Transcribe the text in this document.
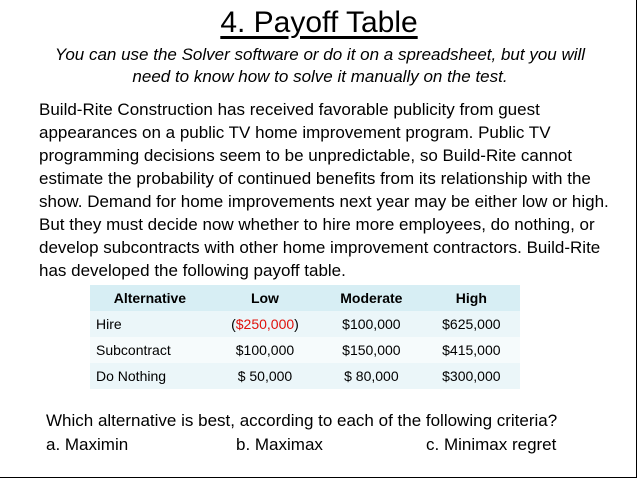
4. Payoff Table
You can use the Solver software or do it on a spreadsheet, but you will need to know how to solve it manually on the test.

Build-Rite Construction has received favorable publicity from guest appearances on a public TV home improvement program. Public TV programming decisions seem to be unpredictable, so Build-Rite cannot estimate the probability of continued benefits from its relationship with the show. Demand for home improvements next year may be either low or high. But they must decide now whether to hire more employees, do nothing, or develop subcontracts with other home improvement contractors. Build-Rite has developed the following payoff table.

Alternative	Low	Moderate	High
Hire	($250,000)	$100,000	$625,000
Subcontract	$100,000	$150,000	$415,000
Do Nothing	$ 50,000	$ 80,000	$300,000
Which alternative is best, according to each of the following criteria?
a. Maximin	b. Maximax	c. Minimax regret
